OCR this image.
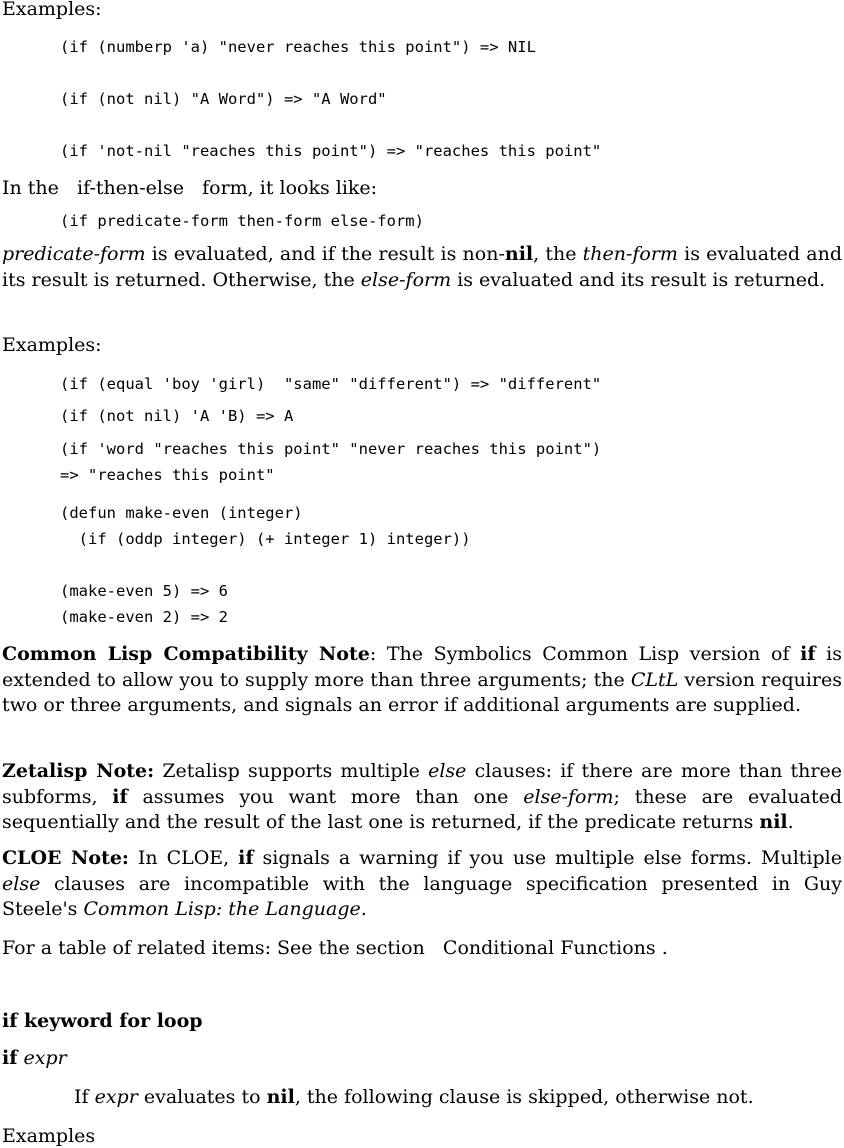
Examples:

(if (numberp 'a) "never reaches this point") => NIL
(if (not nil) "A Word") => "A Word"
(if 'not-nil "reaches this point") => "reaches this point"

In the if-then-else form, it looks like:

(if predicate-form then-form else-form)

predicate-form is evaluated, and if the result is non-nil, the then-form is evaluated and its result is returned. Otherwise, the else-form is evaluated and its result is returned.

Examples:

(if (equal 'boy 'girl)  "same" "different") => "different"
(if (not nil) 'A 'B) => A
(if 'word "reaches this point" "never reaches this point")
=> "reaches this point"
(defun make-even (integer)
(if (oddp integer) (+ integer 1) integer))
(make-even 5) => 6
(make-even 2) => 2

Common Lisp Compatibility Note: The Symbolics Common Lisp version of if is extended to allow you to supply more than three arguments; the CLtL version requires two or three arguments, and signals an error if additional arguments are supplied.

Zetalisp Note: Zetalisp supports multiple else clauses: if there are more than three subforms, if assumes you want more than one else-form; these are evaluated sequentially and the result of the last one is returned, if the predicate returns nil.

CLOE Note: In CLOE, if signals a warning if you use multiple else forms. Multiple else clauses are incompatible with the language specification presented in Guy Steele's Common Lisp: the Language.

For a table of related items: See the section Conditional Functions .

if keyword for loop

if expr

If expr evaluates to nil, the following clause is skipped, otherwise not.

Examples
